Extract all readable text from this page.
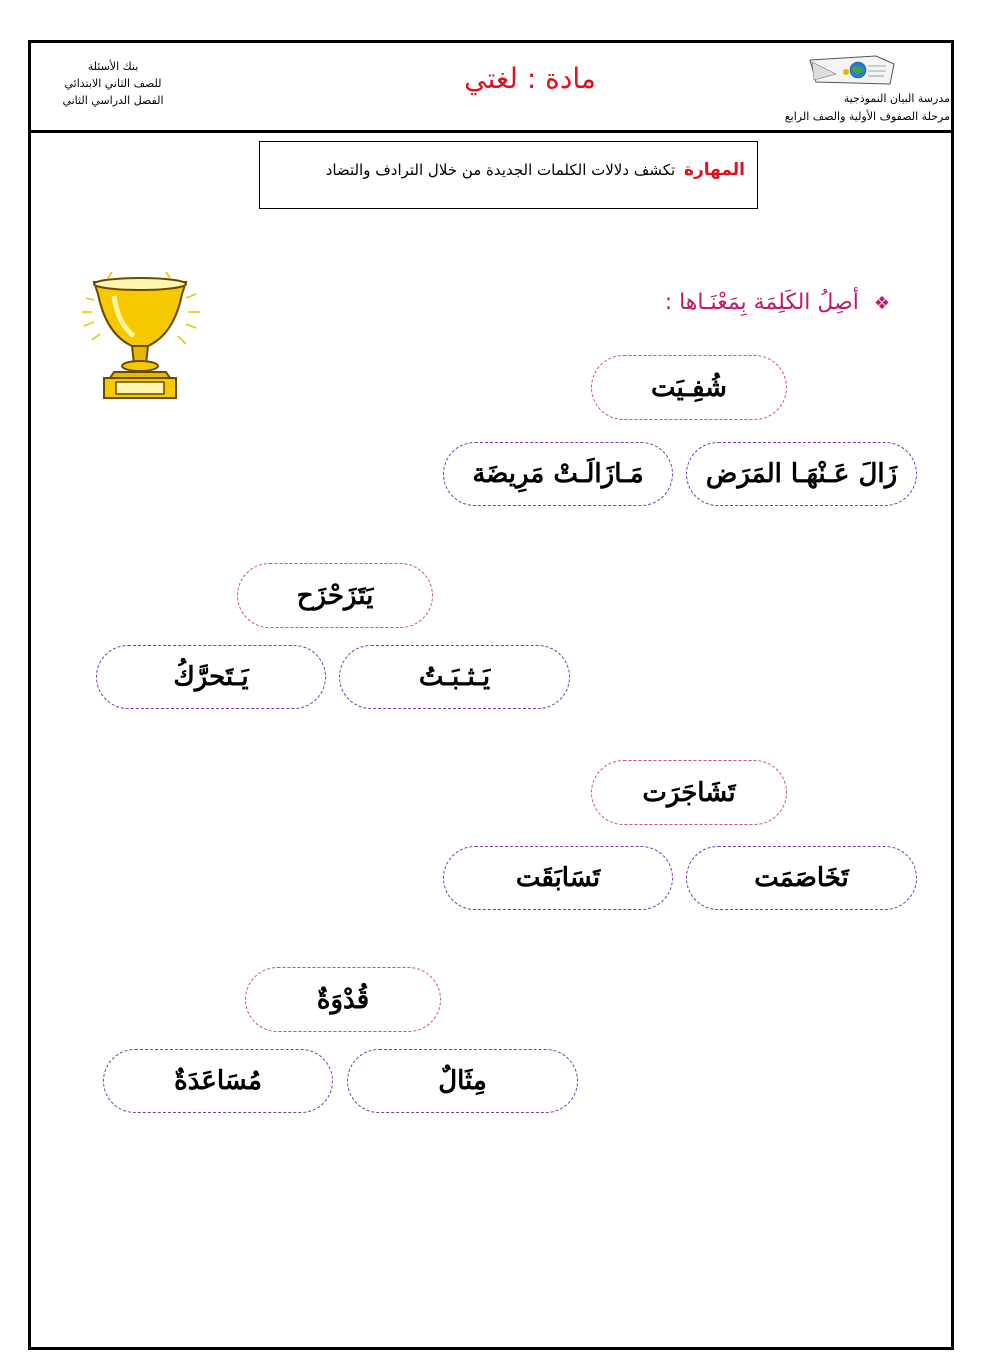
بنك الأسئلة
للصف الثاني الابتدائي
الفصل الدراسي الثاني
مادة : لغتي
مدرسة البيان النموذجية
مرحلة الصفوف الأولية والصف الرابع
المهارة تكشف دلالات الكلمات الجديدة من خلال الترادف والتضاد
❖ أصِلُ الكَلِمَة بِمَعْنَـاها :
شُفِـيَت
زَالَ عَـنْهَـا المَرَض
مَـازَالَـتْ مَرِيضَة
يَتَزَحْزَح
يَـثـبَـتُ
يَـتَحرَّكُ
تَشَاجَرَت
تَخَاصَمَت
تَسَابَقَت
قُدْوَةٌ
مِثَالٌ
مُسَاعَدَةٌ
